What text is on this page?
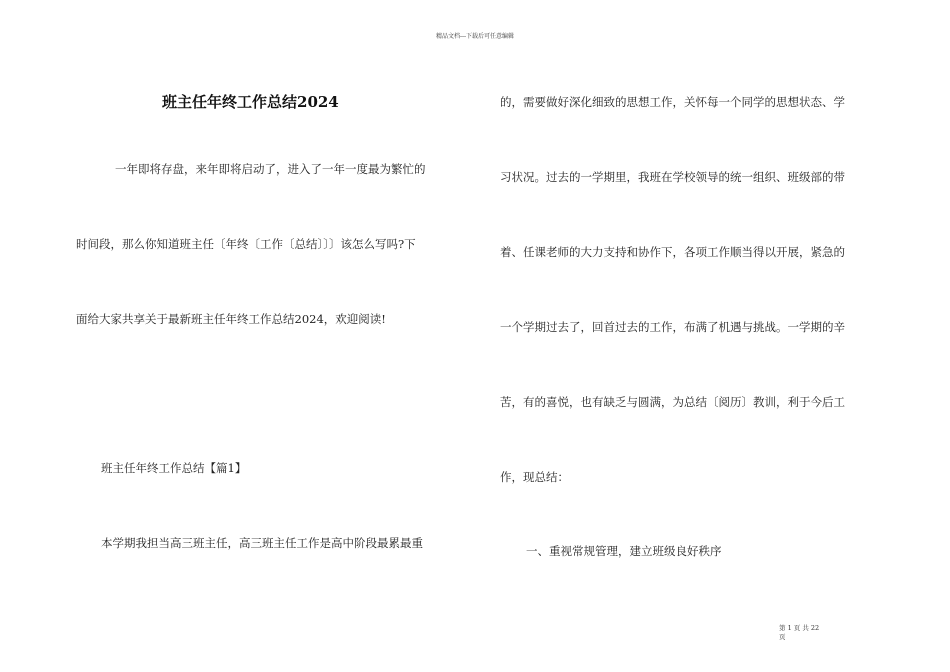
精品文档---下载后可任意编辑
班主任年终工作总结2024
一年即将存盘，来年即将启动了，进入了一年一度最为繁忙的
时间段，那么你知道班主任〔年终〔工作〔总结〕〕〕该怎么写吗?下
面给大家共享关于最新班主任年终工作总结2024，欢迎阅读!
班主任年终工作总结【篇1】
本学期我担当高三班主任，高三班主任工作是高中阶段最累最重
的，需要做好深化细致的思想工作，关怀每一个同学的思想状态、学
习状况。过去的一学期里，我班在学校领导的统一组织、班级部的带
着、任课老师的大力支持和协作下，各项工作顺当得以开展，紧急的
一个学期过去了，回首过去的工作，布满了机遇与挑战。一学期的辛
苦，有的喜悦，也有缺乏与圆满，为总结〔阅历〕教训，利于今后工
作，现总结：
一、重视常规管理，建立班级良好秩序
第 1 页 共 22
页
